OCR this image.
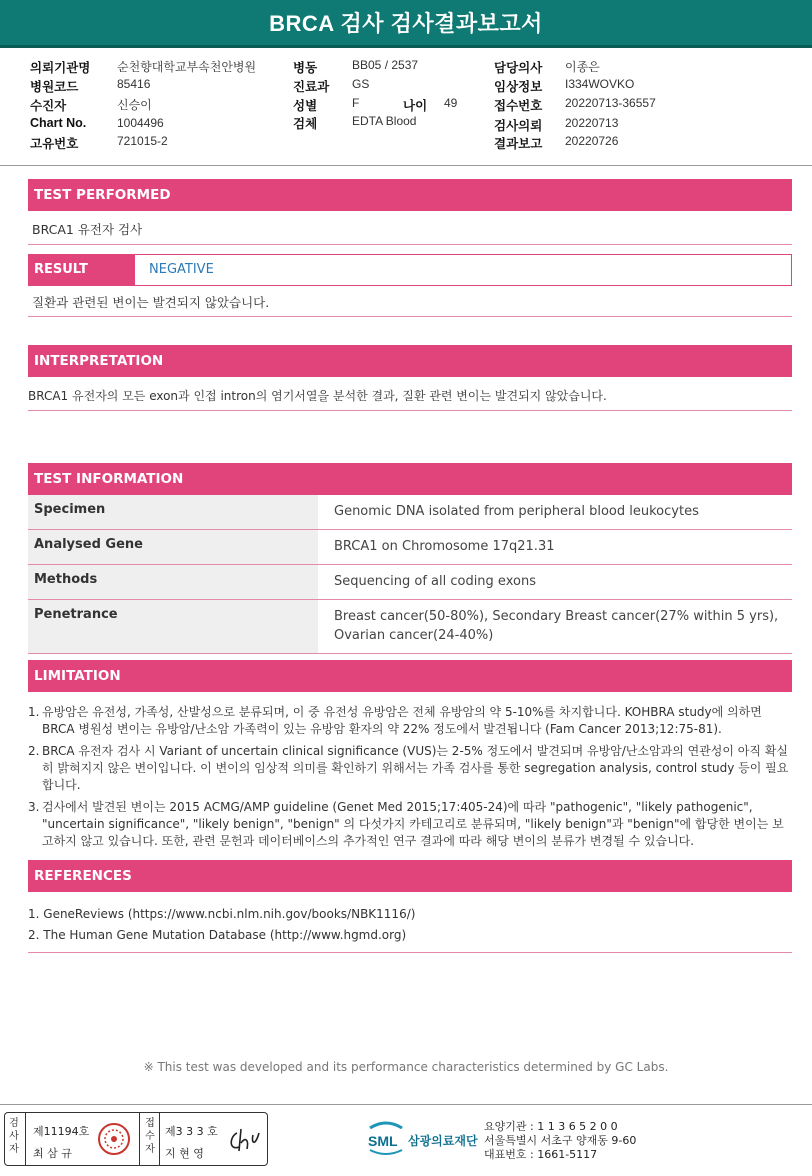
BRCA 검사 검사결과보고서
의뢰기관명 순천향대학교부속천안병원
병원코드	85416
수진자	신승이
Chart No.	1004496
고유번호	721015-2
병동	BB05 / 2537
진료과 GS
성별	F	나이 49
검체	EDTA Blood
담당의사 이종은
임상정보 I334WOVKO
접수번호 20220713-36557
검사의뢰 20220713
결과보고 20220726
TEST PERFORMED
BRCA1 유전자 검사
RESULT	NEGATIVE
질환과 관련된 변이는 발견되지 않았습니다.
INTERPRETATION
BRCA1 유전자의 모든 exon과 인접 intron의 염기서열을 분석한 결과, 질환 관련 변이는 발견되지 않았습니다.
TEST INFORMATION
Specimen	Genomic DNA isolated from peripheral blood leukocytes
Analysed Gene	BRCA1 on Chromosome 17q21.31
Methods	Sequencing of all coding exons
Penetrance	Breast cancer(50-80%), Secondary Breast cancer(27% within 5 yrs), Ovarian cancer(24-40%)
LIMITATION
1. 유방암은 유전성, 가족성, 산발성으로 분류되며, 이 중 유전성 유방암은 전체 유방암의 약 5-10%를 차지합니다. KOHBRA study에 의하면 BRCA 병원성 변이는 유방암/난소암 가족력이 있는 유방암 환자의 약 22% 정도에서 발견됩니다 (Fam Cancer 2013;12:75-81).
2. BRCA 유전자 검사 시 Variant of uncertain clinical significance (VUS)는 2-5% 정도에서 발견되며 유방암/난소암과의 연관성이 아직 확실히 밝혀지지 않은 변이입니다. 이 변이의 임상적 의미를 확인하기 위해서는 가족 검사를 통한 segregation analysis, control study 등이 필요합니다.
3. 검사에서 발견된 변이는 2015 ACMG/AMP guideline (Genet Med 2015;17:405-24)에 따라 "pathogenic", "likely pathogenic", "uncertain significance", "likely benign", "benign" 의 다섯가지 카테고리로 분류되며, "likely benign"과 "benign"에 합당한 변이는 보고하지 않고 있습니다. 또한, 관련 문헌과 데이터베이스의 추가적인 연구 결과에 따라 해당 변이의 분류가 변경될 수 있습니다.
REFERENCES
1. GeneReviews (https://www.ncbi.nlm.nih.gov/books/NBK1116/)
2. The Human Gene Mutation Database (http://www.hgmd.org)
※ This test was developed and its performance characteristics determined by GC Labs.
검사자
제11194호
최 삼 규
접수자
제3 3 3 호
지 현 영
SML 삼광의료재단
요양기관 : 1 1 3 6 5 2 0 0
서울특별시 서초구 양재동 9-60
대표번호 : 1661-5117
